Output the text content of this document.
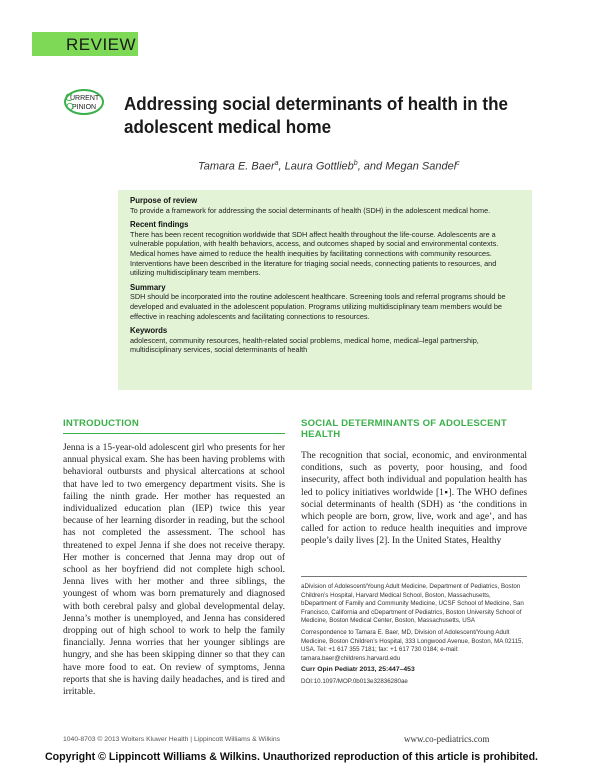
REVIEW
URRENT
PINION
C
O	Addressing social determinants of health in the adolescent medical home
Tamara E. Baer$^a$, Laura Gottlieb$^b$, and Megan Sandel$^c$
Purpose of review

To provide a framework for addressing the social determinants of health (SDH) in the adolescent medical home.

Recent findings

There has been recent recognition worldwide that SDH affect health throughout the life-course. Adolescents are a vulnerable population, with health behaviors, access, and outcomes shaped by social and environmental contexts. Medical homes have aimed to reduce the health inequities by facilitating connections with community resources. Interventions have been described in the literature for triaging social needs, connecting patients to resources, and utilizing multidisciplinary team members.

Summary

SDH should be incorporated into the routine adolescent healthcare. Screening tools and referral programs should be developed and evaluated in the adolescent population. Programs utilizing multidisciplinary team members would be effective in reaching adolescents and facilitating connections to resources.

Keywords

adolescent, community resources, health-related social problems, medical home, medical–legal partnership, multidisciplinary services, social determinants of health

INTRODUCTION

Jenna is a 15-year-old adolescent girl who presents for her annual physical exam. She has been having problems with behavioral outbursts and physical altercations at school that have led to two emergency department visits. She is failing the ninth grade. Her mother has requested an individualized education plan (IEP) twice this year because of her learning disorder in reading, but the school has not completed the assessment. The school has threatened to expel Jenna if she does not receive therapy. Her mother is concerned that Jenna may drop out of school as her boyfriend did not complete high school. Jenna lives with her mother and three siblings, the youngest of whom was born prematurely and diagnosed with both cerebral palsy and global developmental delay. Jenna’s mother is unemployed, and Jenna has considered dropping out of high school to work to help the family financially. Jenna worries that her younger siblings are hungry, and she has been skipping dinner so that they can have more food to eat. On review of symptoms, Jenna reports that she is having daily headaches, and is tired and irritable.

SOCIAL DETERMINANTS OF ADOLESCENT HEALTH

The recognition that social, economic, and environmental conditions, such as poverty, poor housing, and food insecurity, affect both individual and population health has led to policy initiatives worldwide [1▪]. The WHO defines social determinants of health (SDH) as ‘the conditions in which people are born, grow, live, work and age’, and has called for action to reduce health inequities and improve people’s daily lives [2]. In the United States, Healthy

aDivision of Adolescent/Young Adult Medicine, Department of Pediatrics, Boston Children’s Hospital, Harvard Medical School, Boston, Massachusetts, bDepartment of Family and Community Medicine, UCSF School of Medicine, San Francisco, California and cDepartment of Pediatrics, Boston University School of Medicine, Boston Medical Center, Boston, Massachusetts, USA

Correspondence to Tamara E. Baer, MD, Division of Adolescent/Young Adult Medicine, Boston Children’s Hospital, 333 Longwood Avenue, Boston, MA 02115, USA. Tel: +1 617 355 7181; fax: +1 617 730 0184; e-mail: tamara.baer@childrens.harvard.edu

Curr Opin Pediatr 2013, 25:447–453

DOI:10.1097/MOP.0b013e32836280ae

1040-8703 © 2013 Wolters Kluwer Health | Lippincott Williams & Wilkins	www.co-pediatrics.com
Copyright © Lippincott Williams & Wilkins. Unauthorized reproduction of this article is prohibited.
